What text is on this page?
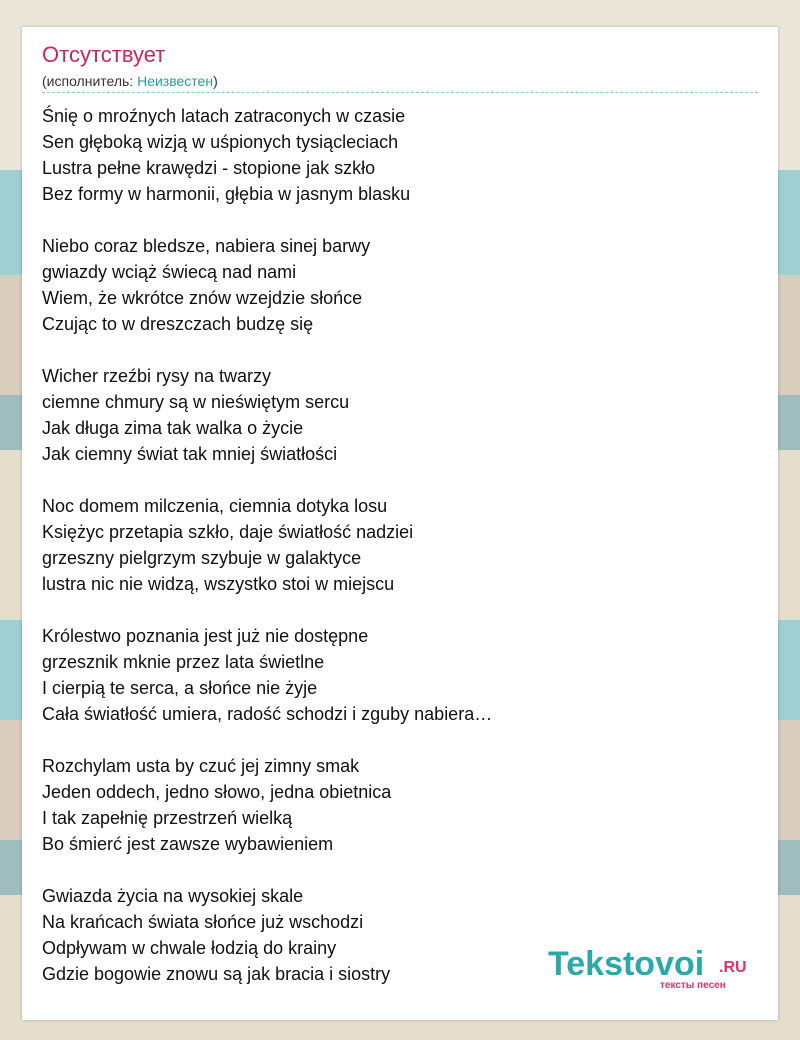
Отсутствует
(исполнитель: Неизвестен)
Śnię o mroźnych latach zatraconych w czasie
Sen głęboką wizją w uśpionych tysiącleciach
Lustra pełne krawędzi - stopione jak szkło
Bez formy w harmonii, głębia w jasnym blasku
Niebo coraz bledsze, nabiera sinej barwy
gwiazdy wciąż świecą nad nami
Wiem, że wkrótce znów wzejdzie słońce
Czując to w dreszczach budzę się
Wicher rzeźbi rysy na twarzy
ciemne chmury są w nieświętym sercu
Jak długa zima tak walka o życie
Jak ciemny świat tak mniej światłości
Noc domem milczenia, ciemnia dotyka losu
Księżyc przetapia szkło, daje światłość nadziei
grzeszny pielgrzym szybuje w galaktyce
lustra nic nie widzą, wszystko stoi w miejscu
Królestwo poznania jest już nie dostępne
grzesznik mknie przez lata świetlne
I cierpią te serca, a słońce nie żyje
Cała światłość umiera, radość schodzi i zguby nabiera…
Rozchylam usta by czuć jej zimny smak
Jeden oddech, jedno słowo, jedna obietnica
I tak zapełnię przestrzeń wielką
Bo śmierć jest zawsze wybawieniem
Gwiazda życia na wysokiej skale
Na krańcach świata słońce już wschodzi
Odpływam w chwale łodzią do krainy
Gdzie bogowie znowu są jak bracia i siostry	Tekstovoi .RU
тексты песен
